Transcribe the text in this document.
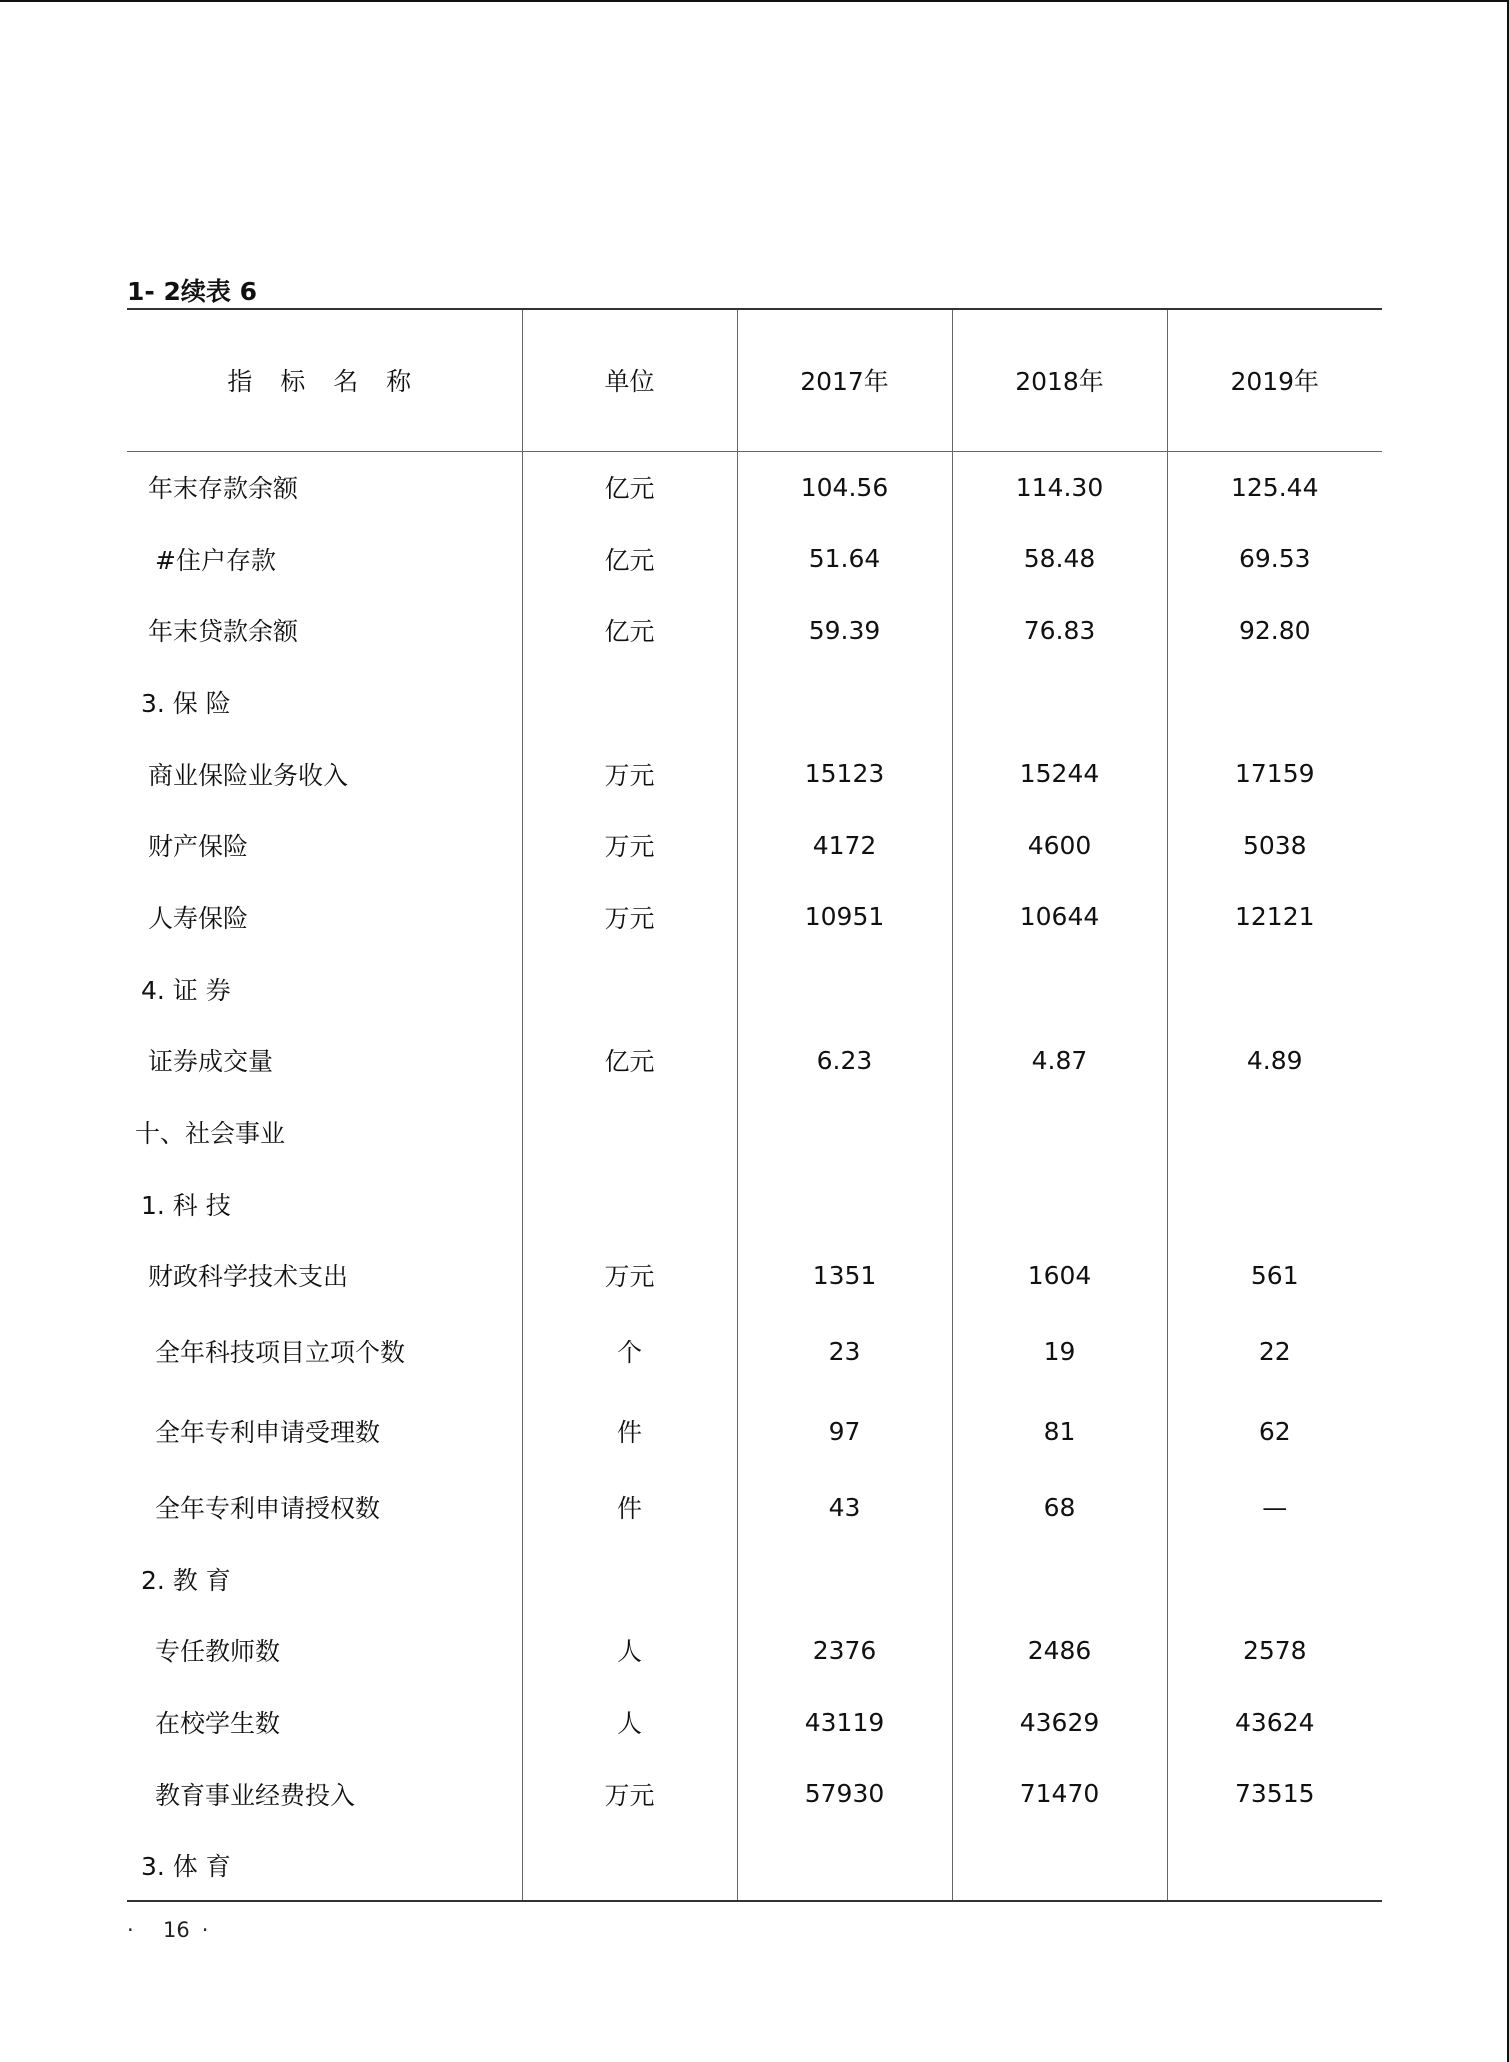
1- 2续表 6
指 标 名 称	单位	2017年	2018年	2019年
年末存款余额	亿元	104.56	114.30	125.44
#住户存款	亿元	51.64	58.48	69.53
年末贷款余额	亿元	59.39	76.83	92.80
3. 保 险				
商业保险业务收入	万元	15123	15244	17159
财产保险	万元	4172	4600	5038
人寿保险	万元	10951	10644	12121
4. 证 券				
证券成交量	亿元	6.23	4.87	4.89
十、社会事业				
1. 科 技				
财政科学技术支出	万元	1351	1604	561
全年科技项目立项个数	个	23	19	22
全年专利申请受理数	件	97	81	62
全年专利申请授权数	件	43	68	—
2. 教 育				
专任教师数	人	2376	2486	2578
在校学生数	人	43119	43629	43624
教育事业经费投入	万元	57930	71470	73515
3. 体 育				
· 16 ·
